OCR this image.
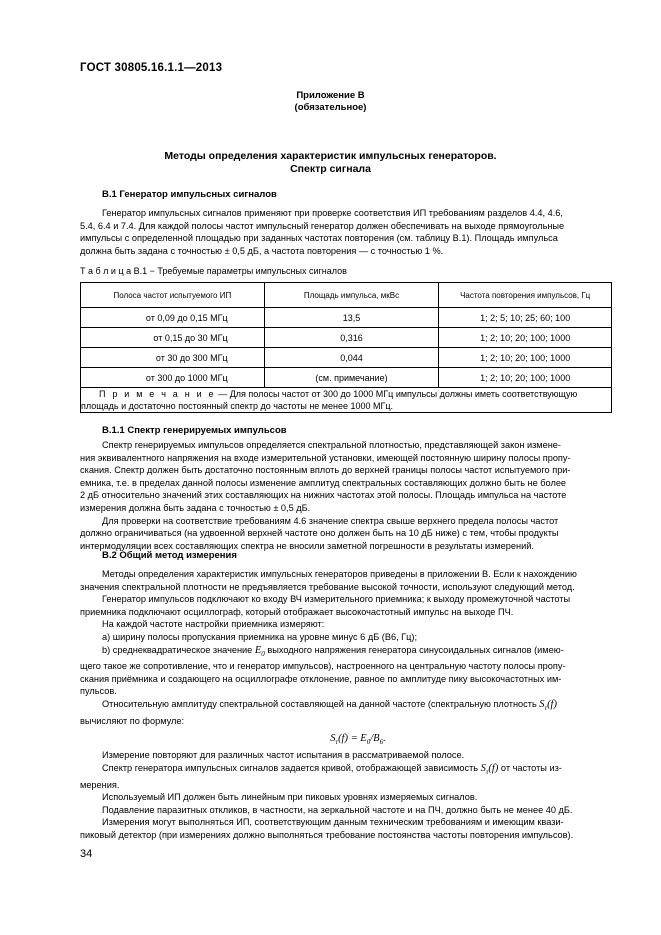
ГОСТ 30805.16.1.1—2013
Приложение В
(обязательное)
Методы определения характеристик импульсных генераторов.
Спектр сигнала
В.1 Генератор импульсных сигналов
Генератор импульсных сигналов применяют при проверке соответствия ИП требованиям разделов 4.4, 4.6,
5.4, 6.4 и 7.4. Для каждой полосы частот импульсный генератор должен обеспечивать на выходе прямоугольные
импульсы с определенной площадью при заданных частотах повторения (см. таблицу В.1). Площадь импульса
должна быть задана с точностью ± 0,5 дБ, а частота повторения — с точностью 1 %.
Т а б л и ц а В.1 − Требуемые параметры импульсных сигналов
Полоса частот испытуемого ИП	Площадь импульса, мкВс	Частота повторения импульсов, Гц
от 0,09 до 0,15 МГц	13,5	1; 2; 5; 10; 25; 60; 100
от 0,15 до 30 МГц	0,316	1; 2; 10; 20; 100; 1000
от 30 до 300 МГц	0,044	1; 2; 10; 20; 100; 1000
от 300 до 1000 МГц	(см. примечание)	1; 2; 10; 20; 100; 1000

П р и м е ч а н и е — Для полосы частот от 300 до 1000 МГц импульсы должны иметь соответствующую
площадь и достаточно постоянный спектр до частоты не менее 1000 МГц.		
В.1.1 Спектр генерируемых импульсов
Спектр генерируемых импульсов определяется спектральной плотностью, представляющей закон измене-
ния эквивалентного напряжения на входе измерительной установки, имеющей постоянную ширину полосы пропу-
скания. Спектр должен быть достаточно постоянным вплоть до верхней границы полосы частот испытуемого при-
емника, т.е. в пределах данной полосы изменение амплитуд спектральных составляющих должно быть не более
2 дБ относительно значений этих составляющих на нижних частотах этой полосы. Площадь импульса на частоте
измерения должна быть задана с точностью ± 0,5 дБ.
Для проверки на соответствие требованиям 4.6 значение спектра свыше верхнего предела полосы частот
должно ограничиваться (на удвоенной верхней частоте оно должен быть на 10 дБ ниже) с тем, чтобы продукты
интермодуляции всех составляющих спектра не вносили заметной погрешности в результаты измерений.
В.2 Общий метод измерения
Методы определения характеристик импульсных генераторов приведены в приложении В. Если к нахождению
значения спектральной плотности не предъявляется требование высокой точности, используют следующий метод.
Генератор импульсов подключают ко входу ВЧ измерительного приемника; к выходу промежуточной частоты
приемника подключают осциллограф, который отображает высокочастотный импульс на выходе ПЧ.
На каждой частоте настройки приемника измеряют:
а) ширину полосы пропускания приемника на уровне минус 6 дБ (B6, Гц);
b) среднеквадратическое значение $E_0$ выходного напряжения генератора синусоидальных сигналов (имею-
щего такое же сопротивление, что и генератор импульсов), настроенного на центральную частоту полосы пропу-
скания приёмника и создающего на осциллографе отклонение, равное по амплитуде пику высокочастотных им-
пульсов.
Относительную амплитуду спектральной составляющей на данной частоте (спектральную плотность $S_\tau(f)$
вычисляют по формуле:
$S_\tau(f) = E_0/B_6$.
Измерение повторяют для различных частот испытания в рассматриваемой полосе.
Спектр генератора импульсных сигналов задается кривой, отображающей зависимость $S_\tau(f)$ от частоты из-
мерения.
Используемый ИП должен быть линейным при пиковых уровнях измеряемых сигналов.
Подавление паразитных откликов, в частности, на зеркальной частоте и на ПЧ, должно быть не менее 40 дБ.
Измерения могут выполняться ИП, соответствующим данным техническим требованиям и имеющим квази-
пиковый детектор (при измерениях должно выполняться требование постоянства частоты повторения импульсов).
34
